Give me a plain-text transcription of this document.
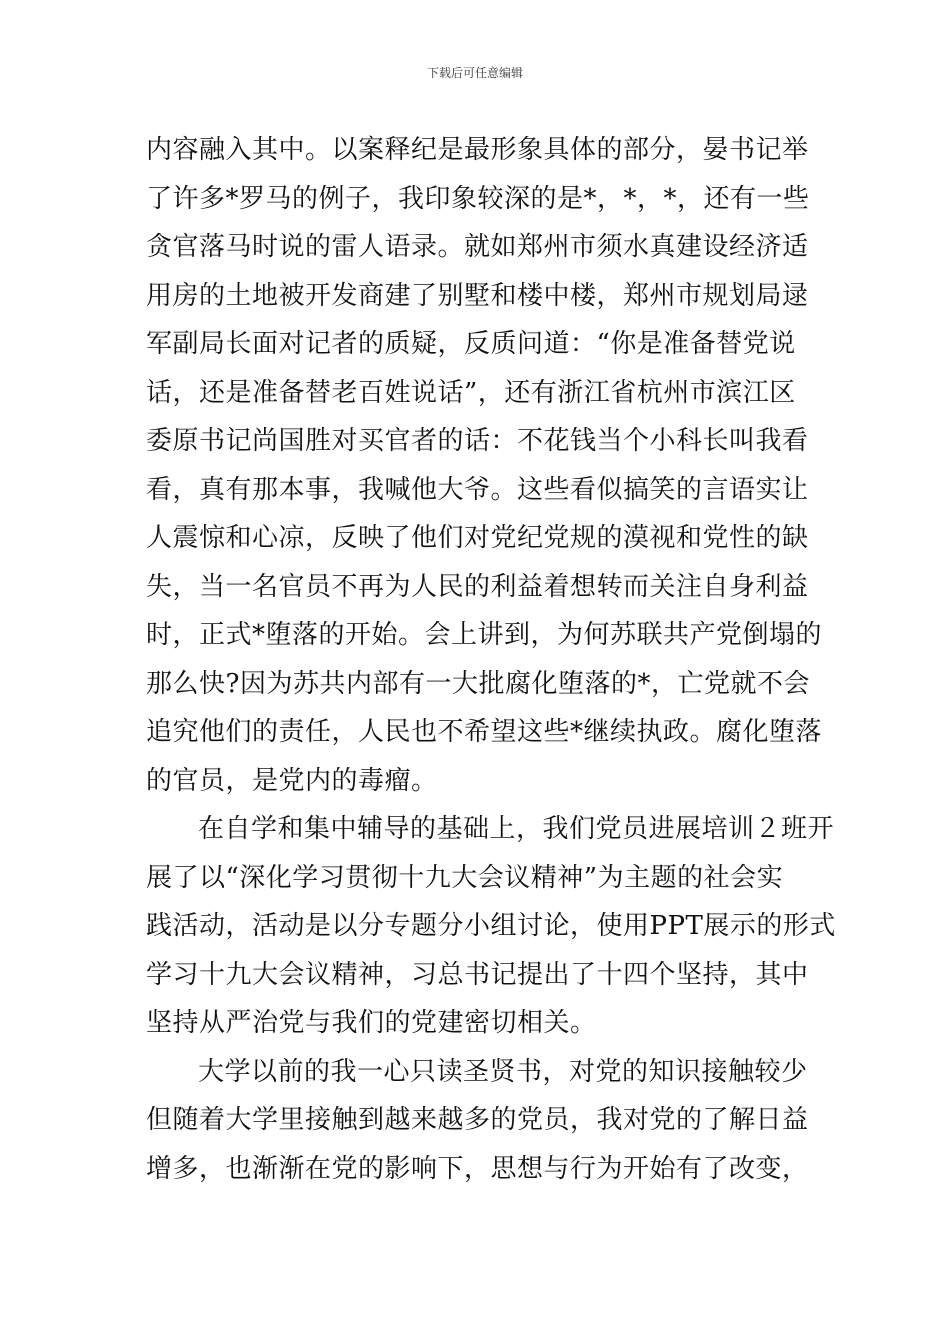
下载后可任意编辑
内容融入其中。以案释纪是最形象具体的部分，晏书记举
了许多*罗马的例子，我印象较深的是*，*，*，还有一些
贪官落马时说的雷人语录。就如郑州市须水真建设经济适
用房的土地被开发商建了别墅和楼中楼，郑州市规划局逯
军副局长面对记者的质疑，反质问道：“你是准备替党说
话，还是准备替老百姓说话”，还有浙江省杭州市滨江区
委原书记尚国胜对买官者的话：不花钱当个小科长叫我看
看，真有那本事，我喊他大爷。这些看似搞笑的言语实让
人震惊和心凉，反映了他们对党纪党规的漠视和党性的缺
失，当一名官员不再为人民的利益着想转而关注自身利益
时，正式*堕落的开始。会上讲到，为何苏联共产党倒塌的
那么快?因为苏共内部有一大批腐化堕落的*，亡党就不会
追究他们的责任，人民也不希望这些*继续执政。腐化堕落
的官员，是党内的毒瘤。
在自学和集中辅导的基础上，我们党员进展培训２班开
展了以“深化学习贯彻十九大会议精神”为主题的社会实
践活动，活动是以分专题分小组讨论，使用PPT展示的形式
学习十九大会议精神，习总书记提出了十四个坚持，其中
坚持从严治党与我们的党建密切相关。
大学以前的我一心只读圣贤书，对党的知识接触较少
但随着大学里接触到越来越多的党员，我对党的了解日益
增多，也渐渐在党的影响下，思想与行为开始有了改变，
